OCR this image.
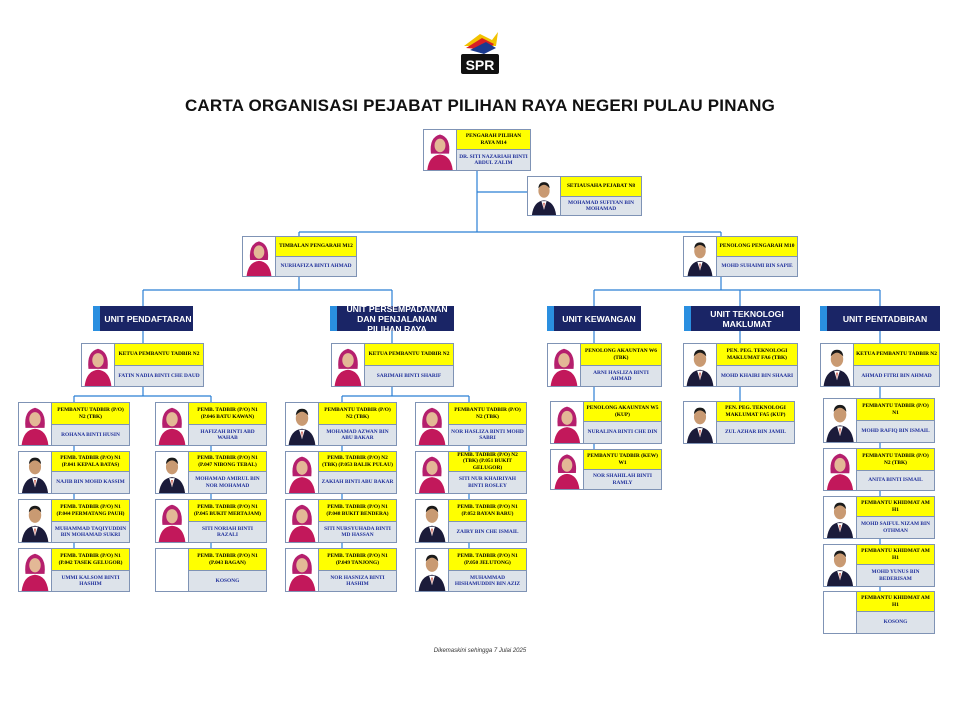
SPR
CARTA ORGANISASI PEJABAT PILIHAN RAYA NEGERI PULAU PINANG
UNIT PENDAFTARAN
UNIT PERSEMPADANAN DAN PENJALANAN PILIHAN RAYA
UNIT KEWANGAN	UNIT TEKNOLOGI MAKLUMAT	UNIT PENTADBIRAN
PENGARAH PILIHAN RAYA M14
DR. SITI NAZARIAH BINTI ABDUL ZALIM
SETIAUSAHA PEJABAT N8
MOHAMAD SUFIYAN BIN MOHAMAD
TIMBALAN PENGARAH M12
NURHAFIZA BINTI AHMAD
PENOLONG PENGARAH M10
MOHD SUHAIMI BIN SAPIE
KETUA PEMBANTU TADBIR N2
FATIN NADIA BINTI CHE DAUD
PEMBANTU TADBIR (P/O) N2 (TBK)
ROHANA BINTI HUSIN
PEMB. TADBIR (P/O) N1 (P.041 KEPALA BATAS)
NAJIB BIN MOHD KASSIM
PEMB. TADBIR (P/O) N1 (P.044 PERMATANG PAUH)
MUHAMMAD TAQIYUDDIN BIN MOHAMAD SUKRI
PEMB. TADBIR (P/O) N1 (P.042 TASEK GELUGOR)
UMMI KALSOM BINTI HASHIM
PEMB. TADBIR (P/O) N1 (P.046 BATU KAWAN)
HAFIZAH BINTI ABD WAHAB
PEMB. TADBIR (P/O) N1 (P.047 NIBONG TEBAL)
MOHAMAD AMIRUL BIN NOR MOHAMAD
PEMB. TADBIR (P/O) N1 (P.045 BUKIT MERTAJAM)
SITI NORIAH BINTI RAZALI
PEMB. TADBIR (P/O) N1 (P.043 BAGAN)
KOSONG
KETUA PEMBANTU TADBIR N2
SARIMAH BINTI SHARIF
PEMBANTU TADBIR (P/O) N2 (TBK)
MOHAMAD AZWAN BIN ABU BAKAR
PEMB. TADBIR (P/O) N2 (TBK) (P.053 BALIK PULAU)
ZAKIAH BINTI ABU BAKAR
PEMB. TADBIR (P/O) N1 (P.048 BUKIT BENDERA)
SITI NURSYUHADA BINTI MD HASSAN
PEMB. TADBIR (P/O) N1 (P.049 TANJONG)
NOR HASNIZA BINTI HASHIM
PEMBANTU TADBIR (P/O) N2 (TBK)
NOR HASLIZA BINTI MOHD SABRI
PEMB. TADBIR (P/O) N2 (TBK) (P.051 BUKIT GELUGOR)
SITI NUR KHAIRIYAH BINTI ROSLEY
PEMB. TADBIR (P/O) N1 (P.052 BAYAN BARU)
ZAIRY BIN CHE ISMAIL
PEMB. TADBIR (P/O) N1 (P.050 JELUTONG)
MUHAMMAD HISHAMUDDIN BIN AZIZ
PENOLONG AKAUNTAN W6 (TBK)
ARNI HASLIZA BINTI AHMAD
PENOLONG AKAUNTAN W5 (KUP)
NURALINA BINTI CHE DIN
PEMBANTU TADBIR (KEW) W1
NOR SHAHILAH BINTI RAMLY
PEN. PEG. TEKNOLOGI MAKLUMAT FA6 (TBK)
MOHD KHAIRI BIN SHAARI
PEN. PEG. TEKNOLOGI MAKLUMAT FA5 (KUP)
ZUL AZHAR BIN JAMIL
KETUA PEMBANTU TADBIR N2
AHMAD FITRI BIN AHMAD
PEMBANTU TADBIR (P/O) N1
MOHD RAFIQ BIN ISMAIL
PEMBANTU TADBIR (P/O) N2 (TBK)
ANITA BINTI ISMAIL
PEMBANTU KHIDMAT AM H1
MOHD SAIFUL NIZAM BIN OTHMAN
PEMBANTU KHIDMAT AM H1
MOHD YUNUS BIN BEDERISAM
PEMBANTU KHIDMAT AM H1
KOSONG
Dikemaskini sehingga 7 Julai 2025
